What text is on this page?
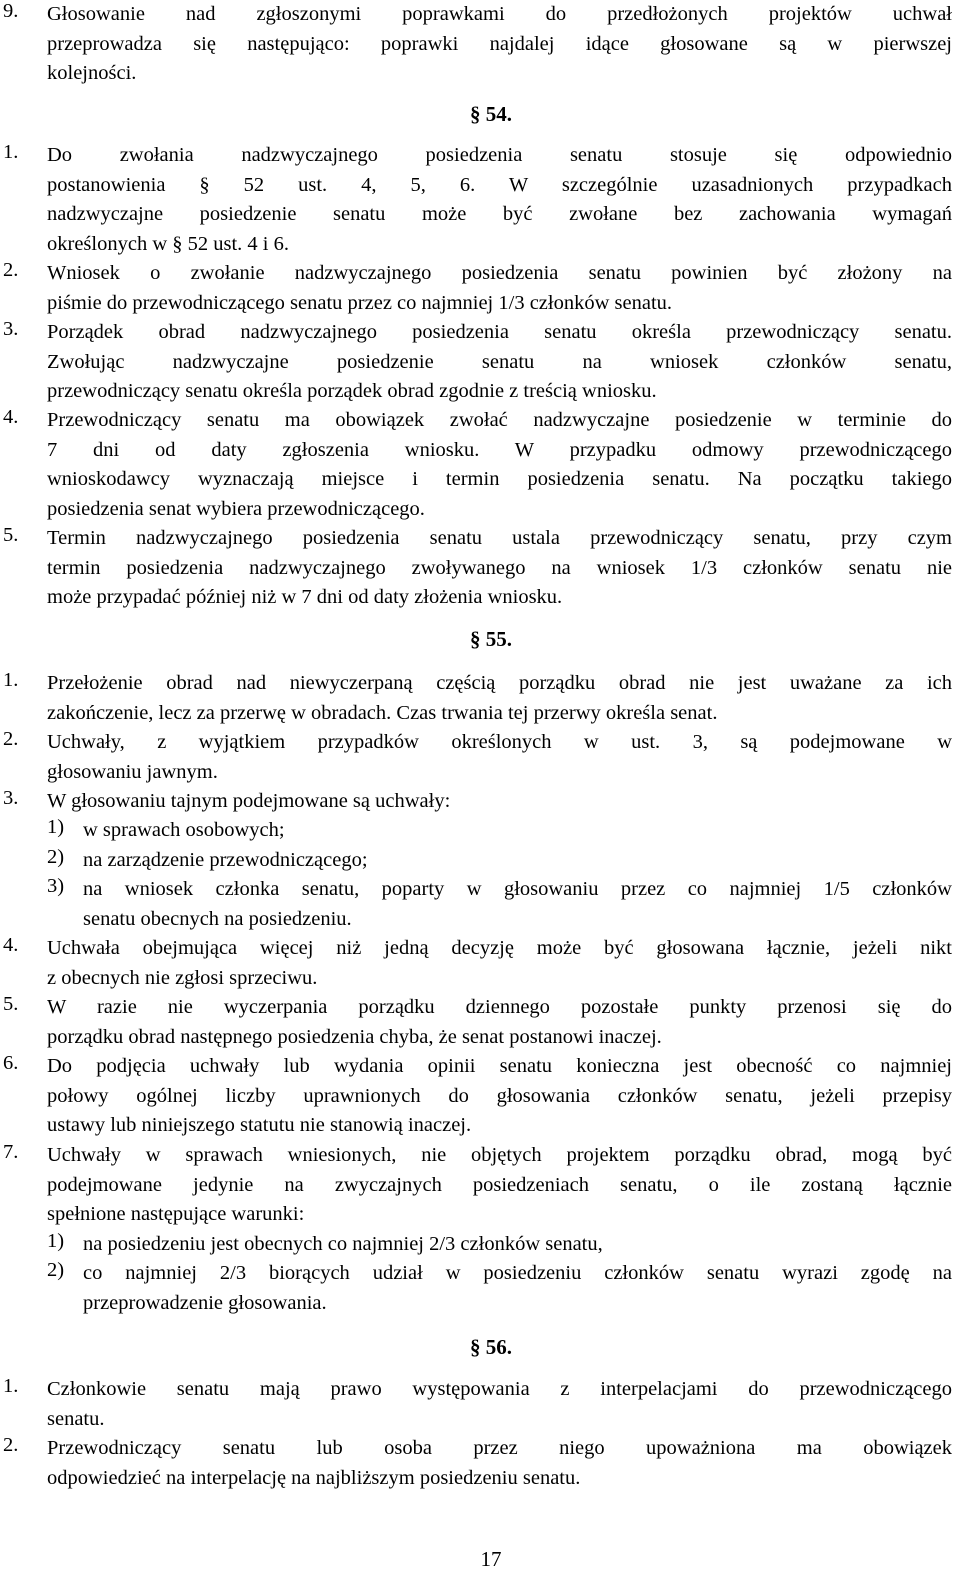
9. Głosowanie nad zgłoszonymi poprawkami do przedłożonych projektów uchwał
przeprowadza się następująco: poprawki najdalej idące głosowane są w pierwszej
kolejności.
§ 54.
1. Do zwołania nadzwyczajnego posiedzenia senatu stosuje się odpowiednio
postanowienia § 52 ust. 4, 5, 6. W szczególnie uzasadnionych przypadkach
nadzwyczajne posiedzenie senatu może być zwołane bez zachowania wymagań
określonych w § 52 ust. 4 i 6.
2. Wniosek o zwołanie nadzwyczajnego posiedzenia senatu powinien być złożony na
piśmie do przewodniczącego senatu przez co najmniej 1/3 członków senatu.
3. Porządek obrad nadzwyczajnego posiedzenia senatu określa przewodniczący senatu.
Zwołując nadzwyczajne posiedzenie senatu na wniosek członków senatu,
przewodniczący senatu określa porządek obrad zgodnie z treścią wniosku.
4. Przewodniczący senatu ma obowiązek zwołać nadzwyczajne posiedzenie w terminie do
7 dni od daty zgłoszenia wniosku. W przypadku odmowy przewodniczącego
wnioskodawcy wyznaczają miejsce i termin posiedzenia senatu. Na początku takiego
posiedzenia senat wybiera przewodniczącego.
5. Termin nadzwyczajnego posiedzenia senatu ustala przewodniczący senatu, przy czym
termin posiedzenia nadzwyczajnego zwoływanego na wniosek 1/3 członków senatu nie
może przypadać później niż w 7 dni od daty złożenia wniosku.
§ 55.
1. Przełożenie obrad nad niewyczerpaną częścią porządku obrad nie jest uważane za ich
zakończenie, lecz za przerwę w obradach. Czas trwania tej przerwy określa senat.
2. Uchwały, z wyjątkiem przypadków określonych w ust. 3, są podejmowane w
głosowaniu jawnym.
3. W głosowaniu tajnym podejmowane są uchwały:
1) w sprawach osobowych;
2) na zarządzenie przewodniczącego;
3) na wniosek członka senatu, poparty w głosowaniu przez co najmniej 1/5 członków
senatu obecnych na posiedzeniu.
4. Uchwała obejmująca więcej niż jedną decyzję może być głosowana łącznie, jeżeli nikt
z obecnych nie zgłosi sprzeciwu.
5. W razie nie wyczerpania porządku dziennego pozostałe punkty przenosi się do
porządku obrad następnego posiedzenia chyba, że senat postanowi inaczej.
6. Do podjęcia uchwały lub wydania opinii senatu konieczna jest obecność co najmniej
połowy ogólnej liczby uprawnionych do głosowania członków senatu, jeżeli przepisy
ustawy lub niniejszego statutu nie stanowią inaczej.
7. Uchwały w sprawach wniesionych, nie objętych projektem porządku obrad, mogą być
podejmowane jedynie na zwyczajnych posiedzeniach senatu, o ile zostaną łącznie
spełnione następujące warunki:
1) na posiedzeniu jest obecnych co najmniej 2/3 członków senatu,
2) co najmniej 2/3 biorących udział w posiedzeniu członków senatu wyrazi zgodę na
przeprowadzenie głosowania.
§ 56.
1. Członkowie senatu mają prawo występowania z interpelacjami do przewodniczącego
senatu.
2. Przewodniczący senatu lub osoba przez niego upoważniona ma obowiązek
odpowiedzieć na interpelację na najbliższym posiedzeniu senatu.
17
